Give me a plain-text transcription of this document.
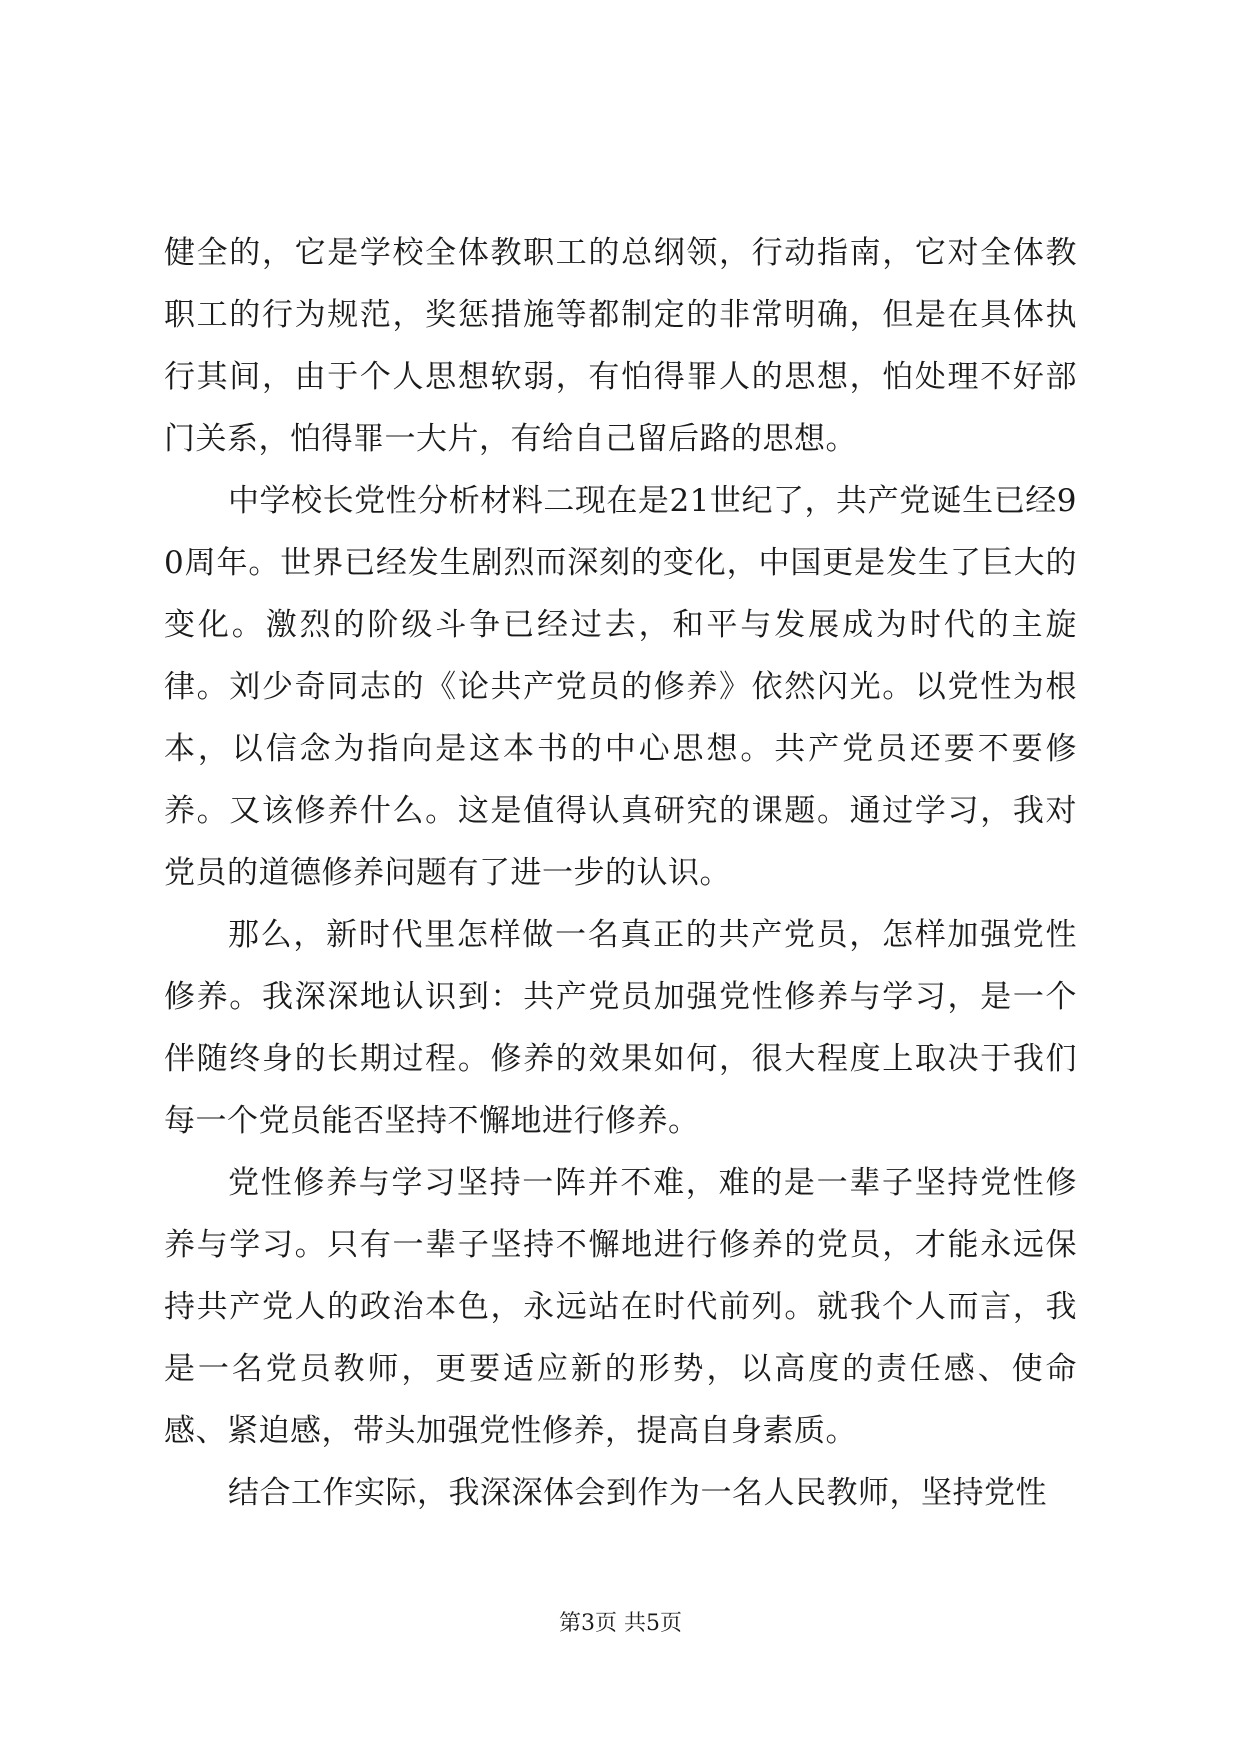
健全的，它是学校全体教职工的总纲领，行动指南，它对全体教职工的行为规范，奖惩措施等都制定的非常明确，但是在具体执行其间，由于个人思想软弱，有怕得罪人的思想，怕处理不好部门关系，怕得罪一大片，有给自己留后路的思想。

中学校长党性分析材料二现在是21世纪了，共产党诞生已经90周年。世界已经发生剧烈而深刻的变化，中国更是发生了巨大的变化。激烈的阶级斗争已经过去，和平与发展成为时代的主旋律。刘少奇同志的《论共产党员的修养》依然闪光。以党性为根本，以信念为指向是这本书的中心思想。共产党员还要不要修养。又该修养什么。这是值得认真研究的课题。通过学习，我对党员的道德修养问题有了进一步的认识。

那么，新时代里怎样做一名真正的共产党员，怎样加强党性修养。我深深地认识到：共产党员加强党性修养与学习，是一个伴随终身的长期过程。修养的效果如何，很大程度上取决于我们每一个党员能否坚持不懈地进行修养。

党性修养与学习坚持一阵并不难，难的是一辈子坚持党性修养与学习。只有一辈子坚持不懈地进行修养的党员，才能永远保持共产党人的政治本色，永远站在时代前列。就我个人而言，我是一名党员教师，更要适应新的形势，以高度的责任感、使命感、紧迫感，带头加强党性修养，提高自身素质。

结合工作实际，我深深体会到作为一名人民教师，坚持党性

第3页 共5页
